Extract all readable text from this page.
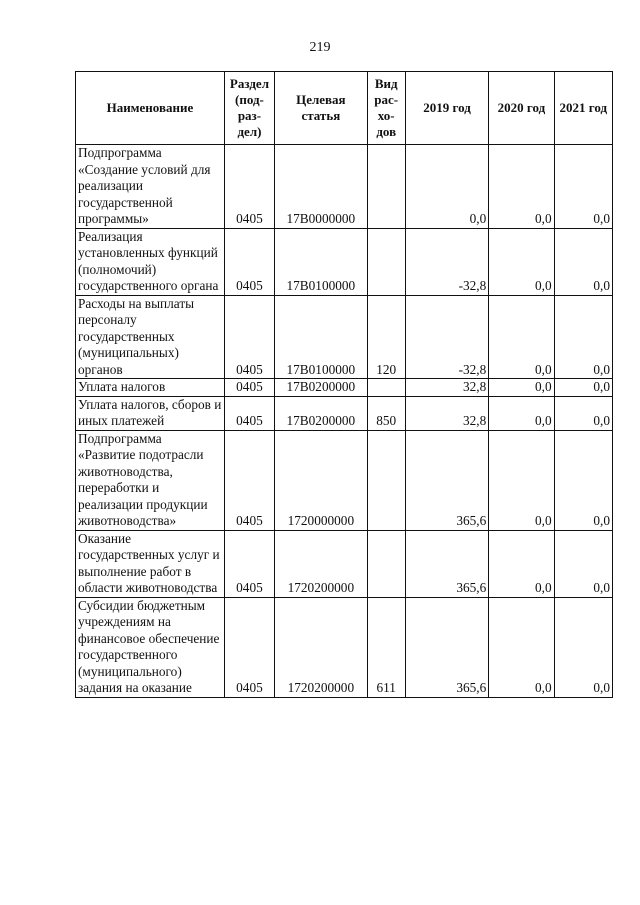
219
Наименование	Раздел (под-раз-дел)	Целевая статья	Вид рас-хо-дов	2019 год	2020 год	2021 год
Подпрограмма «Создание условий для реализации государственной программы»	0405	17В0000000		0,0	0,0	0,0
Реализация установленных функций (полномочий) государственного органа	0405	17В0100000		-32,8	0,0	0,0
Расходы на выплаты персоналу государственных (муниципальных) органов	0405	17В0100000	120	-32,8	0,0	0,0
Уплата налогов	0405	17В0200000		32,8	0,0	0,0
Уплата налогов, сборов и иных платежей	0405	17В0200000	850	32,8	0,0	0,0
Подпрограмма «Развитие подотрасли животноводства, переработки и реализации продукции животноводства»	0405	1720000000		365,6	0,0	0,0
Оказание государственных услуг и выполнение работ в области животноводства	0405	1720200000		365,6	0,0	0,0
Субсидии бюджетным учреждениям на финансовое обеспечение государственного (муниципального) задания на оказание	0405	1720200000	611	365,6	0,0	0,0
